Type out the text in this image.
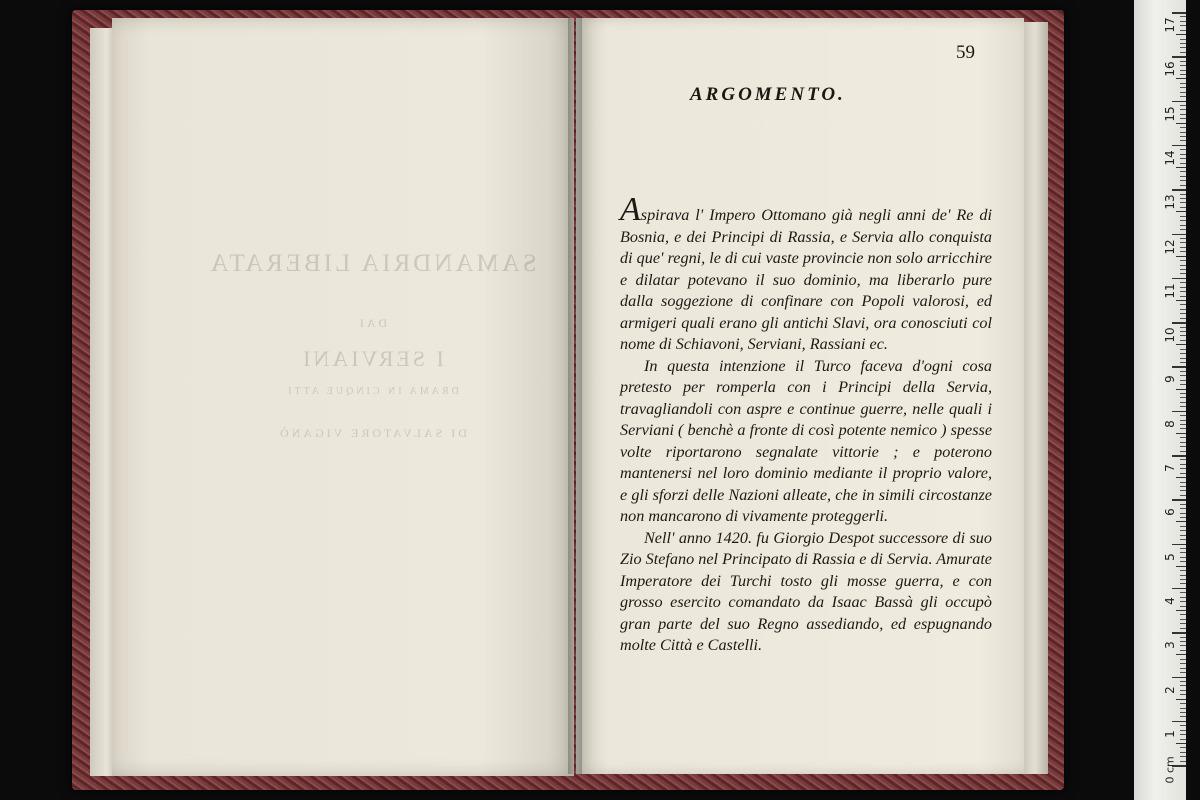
SAMANDRIA LIBERATA
DAI
I SERVIANI
DRAMA IN CINQUE ATTI
DI SALVATORE VIGANÒ
59
ARGOMENTO.

Aspirava l' Impero Ottomano già negli anni de' Re di Bosnia, e dei Principi di Rassia, e Servia allo conquista di que' regni, le di cui vaste provincie non solo arricchire e dilatar potevano il suo dominio, ma liberarlo pure dalla soggezione di confinare con Popoli valorosi, ed armigeri quali erano gli antichi Slavi, ora conosciuti col nome di Schiavoni, Serviani, Rassiani ec.

In questa intenzione il Turco faceva d'ogni cosa pretesto per romperla con i Principi della Servia, travagliandoli con aspre e continue guerre, nelle quali i Serviani ( benchè a fronte di così potente nemico ) spesse volte riportarono segnalate vittorie ; e poterono mantenersi nel loro dominio mediante il proprio valore, e gli sforzi delle Nazioni alleate, che in simili circostanze non mancarono di vivamente proteggerli.

Nell' anno 1420. fu Giorgio Despot successore di suo Zio Stefano nel Principato di Rassia e di Servia. Amurate Imperatore dei Turchi tosto gli mosse guerra, e con grosso esercito comandato da Isaac Bassà gli occupò gran parte del suo Regno assediando, ed espugnando molte Città e Castelli.

17
16
15
14
13
12
11
10
9
8
7
6
5
4
3
2
1
0 cm
